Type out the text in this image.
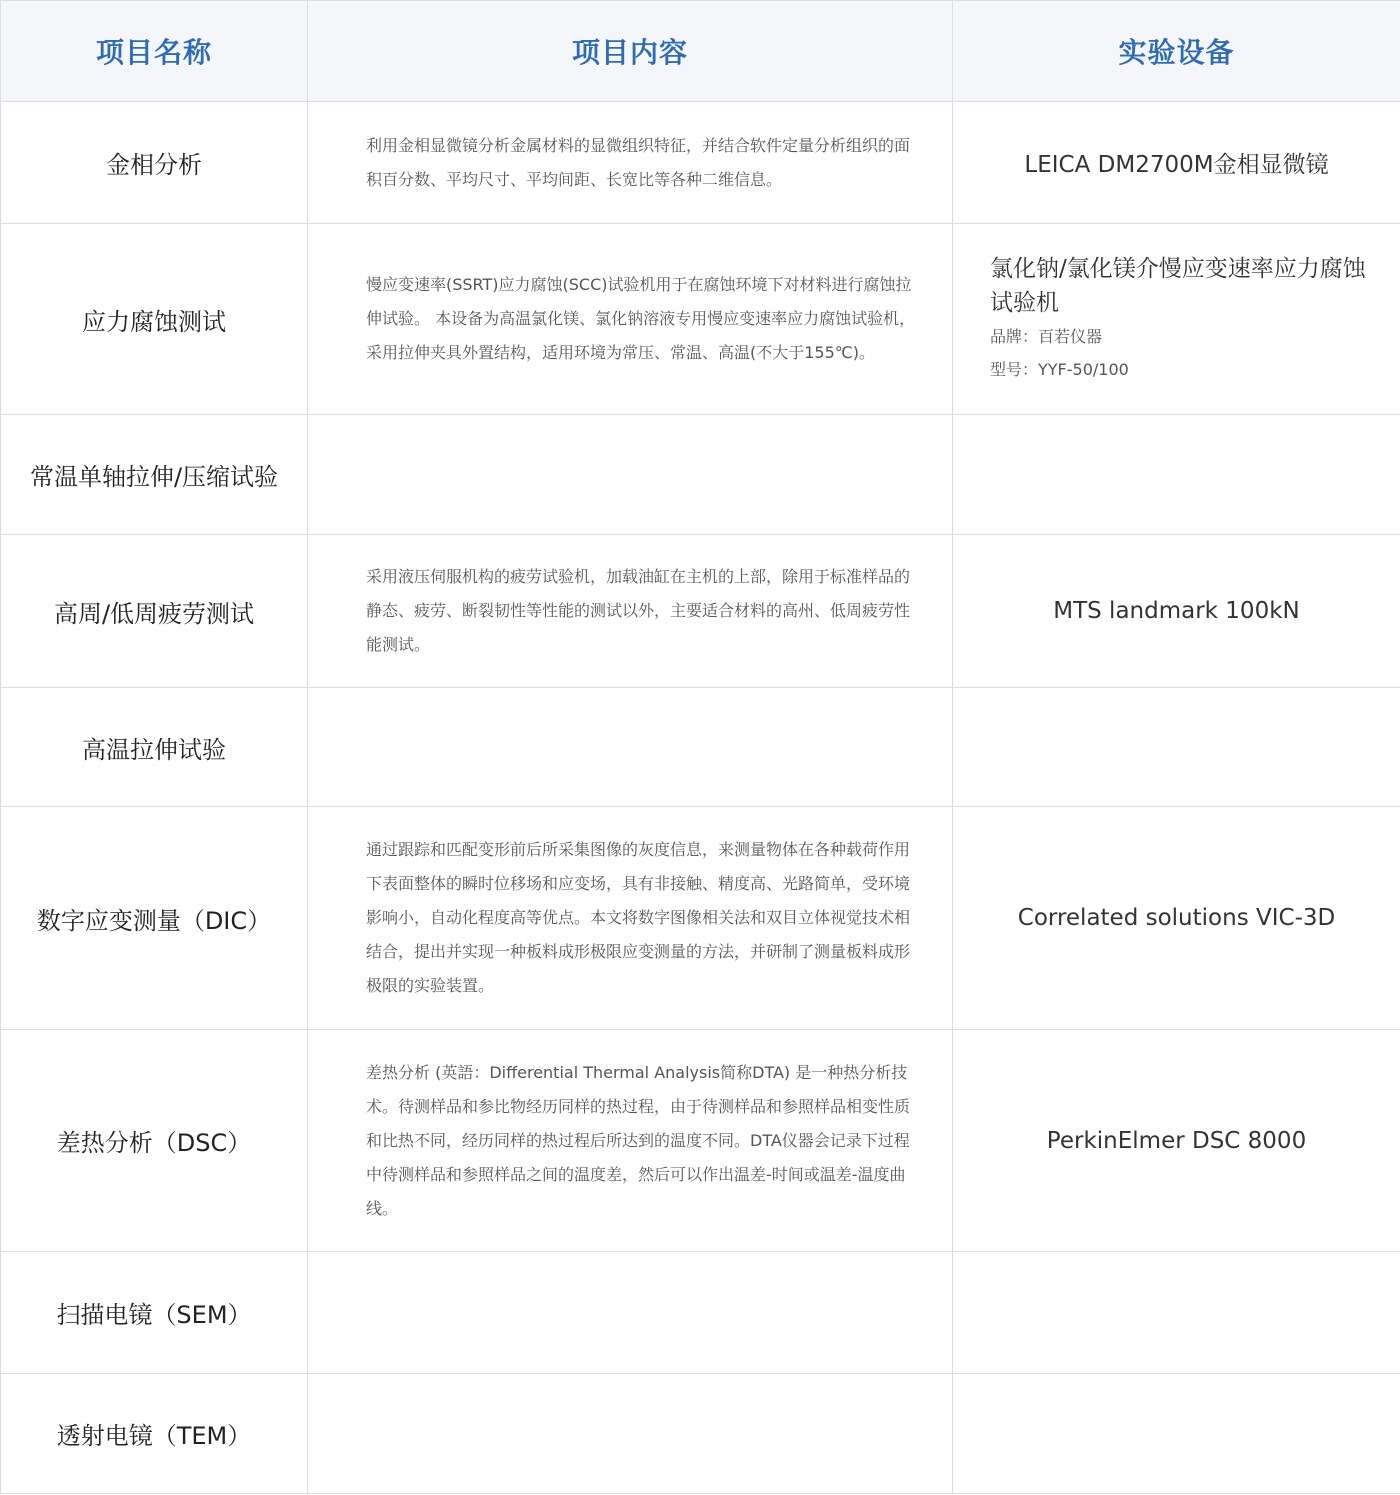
项目名称	项目内容	实验设备
金相分析	利用金相显微镜分析金属材料的显微组织特征，并结合软件定量分析组织的面积百分数、平均尺寸、平均间距、长宽比等各种二维信息。	LEICA DM2700M金相显微镜
应力腐蚀测试	慢应变速率(SSRT)应力腐蚀(SCC)试验机用于在腐蚀环境下对材料进行腐蚀拉伸试验。 本设备为高温氯化镁、氯化钠溶液专用慢应变速率应力腐蚀试验机，采用拉伸夹具外置结构，适用环境为常压、常温、高温(不大于155℃)。	氯化钠/氯化镁介慢应变速率应力腐蚀试验机
品牌：百若仪器
型号：YYF-50/100

常温单轴拉伸/压缩试验		
高周/低周疲劳测试	采用液压伺服机构的疲劳试验机，加载油缸在主机的上部，除用于标准样品的静态、疲劳、断裂韧性等性能的测试以外，主要适合材料的高州、低周疲劳性能测试。	MTS landmark 100kN
高温拉伸试验		
数字应变测量（DIC）	通过跟踪和匹配变形前后所采集图像的灰度信息，来测量物体在各种载荷作用下表面整体的瞬时位移场和应变场，具有非接触、精度高、光路简单，受环境影响小，自动化程度高等优点。本文将数字图像相关法和双目立体视觉技术相结合，提出并实现一种板料成形极限应变测量的方法，并研制了测量板料成形极限的实验装置。	Correlated solutions VIC-3D
差热分析（DSC）	差热分析 (英語：Differential Thermal Analysis简称DTA) 是一种热分析技术。待测样品和参比物经历同样的热过程，由于待测样品和参照样品相变性质和比热不同，经历同样的热过程后所达到的温度不同。DTA仪器会记录下过程中待测样品和参照样品之间的温度差，然后可以作出温差-时间或温差-温度曲线。	PerkinElmer DSC 8000
扫描电镜（SEM）		
透射电镜（TEM）		
